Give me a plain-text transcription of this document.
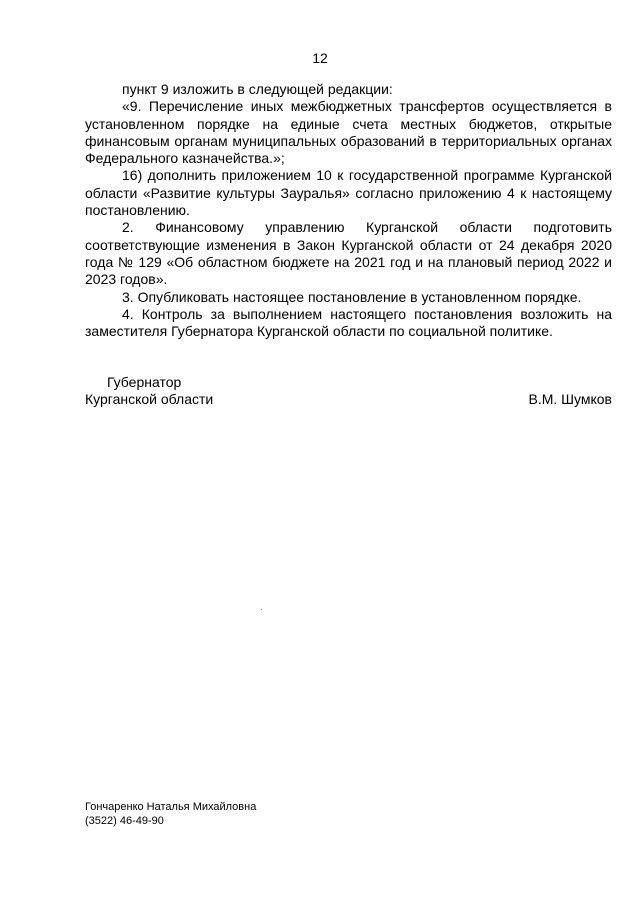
12

пункт 9 изложить в следующей редакции:

«9. Перечисление иных межбюджетных трансфертов осуществляется в установленном порядке на единые счета местных бюджетов, открытые финансовым органам муниципальных образований в территориальных органах Федерального казначейства.»;

16) дополнить приложением 10 к государственной программе Курганской области «Развитие культуры Зауралья» согласно приложению 4 к настоящему постановлению.

2. Финансовому управлению Курганской области подготовить соответствующие изменения в Закон Курганской области от 24 декабря 2020 года № 129 «Об областном бюджете на 2021 год и на плановый период 2022 и 2023 годов».

3. Опубликовать настоящее постановление в установленном порядке.

4. Контроль за выполнением настоящего постановления возложить на заместителя Губернатора Курганской области по социальной политике.

Губернатор

Курганской области	В.М. Шумков

Гончаренко Наталья Михайловна

(3522) 46-49-90
